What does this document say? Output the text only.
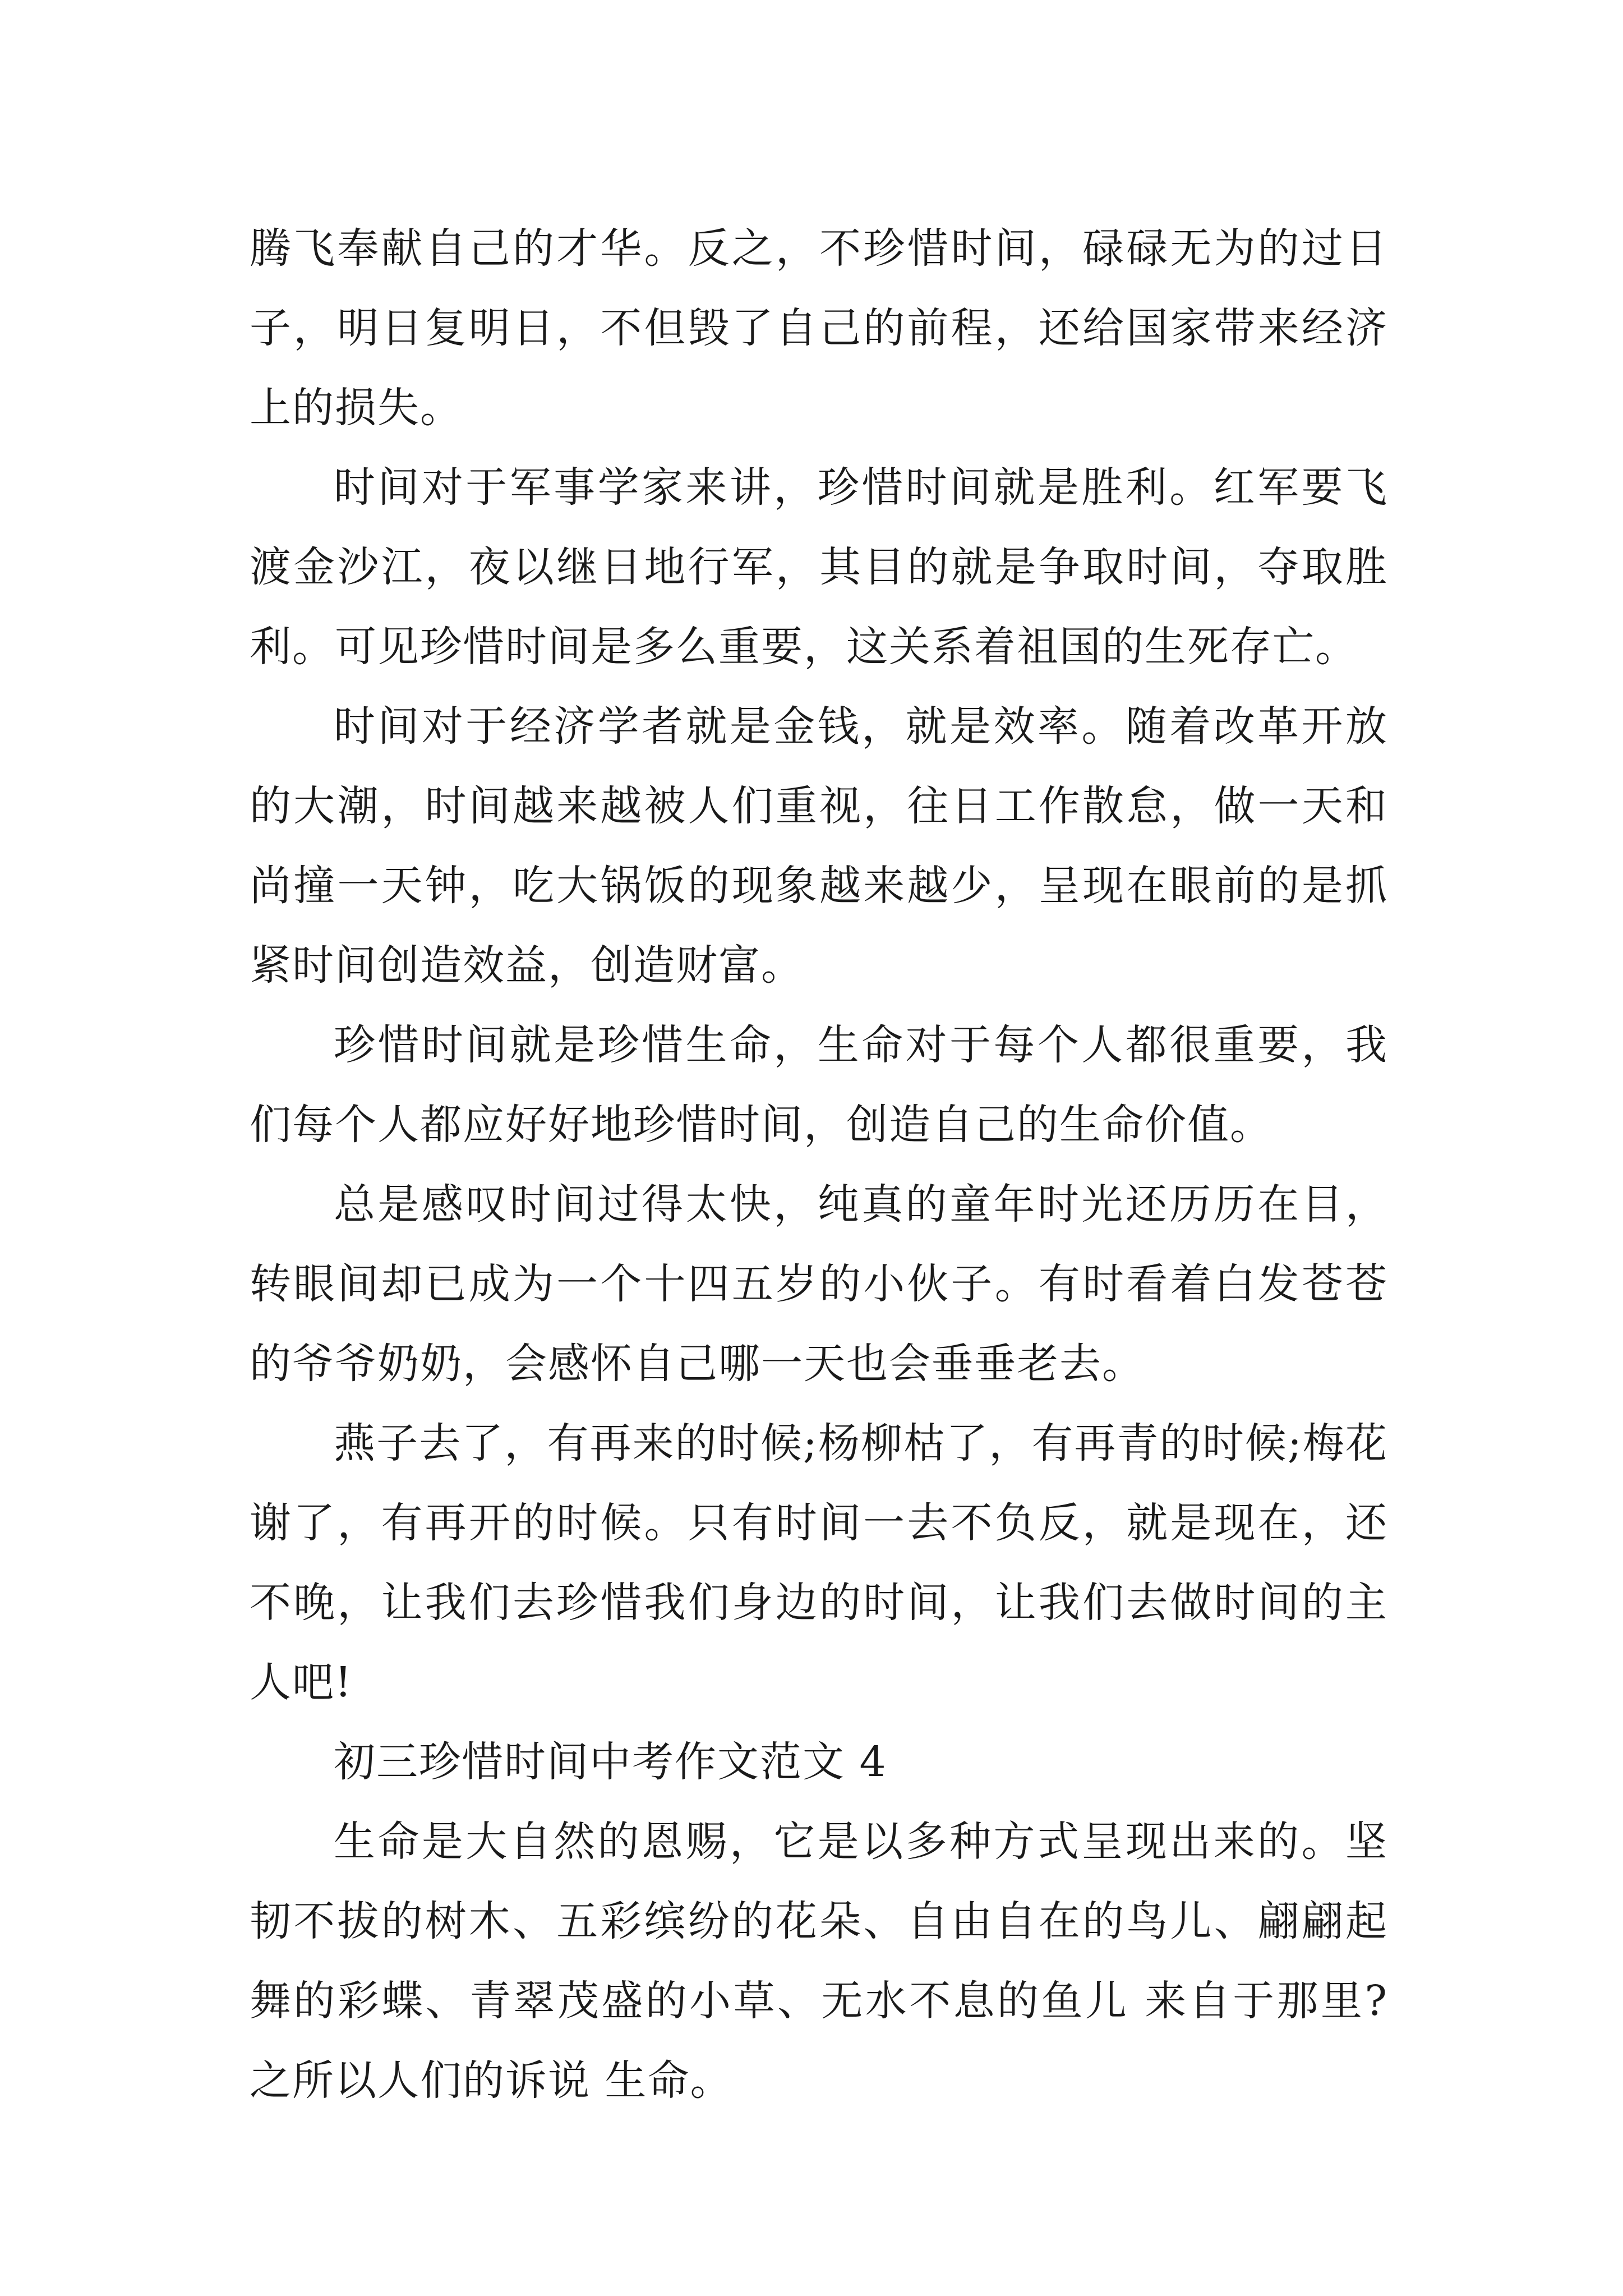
腾飞奉献自己的才华。反之，不珍惜时间，碌碌无为的过日子，明日复明日，不但毁了自己的前程，还给国家带来经济上的损失。

时间对于军事学家来讲，珍惜时间就是胜利。红军要飞渡金沙江，夜以继日地行军，其目的就是争取时间，夺取胜利。可见珍惜时间是多么重要，这关系着祖国的生死存亡。

时间对于经济学者就是金钱，就是效率。随着改革开放的大潮，时间越来越被人们重视，往日工作散怠，做一天和尚撞一天钟，吃大锅饭的现象越来越少，呈现在眼前的是抓紧时间创造效益，创造财富。

珍惜时间就是珍惜生命，生命对于每个人都很重要，我们每个人都应好好地珍惜时间，创造自己的生命价值。

总是感叹时间过得太快，纯真的童年时光还历历在目，转眼间却已成为一个十四五岁的小伙子。有时看着白发苍苍的爷爷奶奶，会感怀自己哪一天也会垂垂老去。

燕子去了，有再来的时候;杨柳枯了，有再青的时候;梅花谢了，有再开的时候。只有时间一去不负反，就是现在，还不晚，让我们去珍惜我们身边的时间，让我们去做时间的主人吧!

初三珍惜时间中考作文范文 4

生命是大自然的恩赐，它是以多种方式呈现出来的。坚韧不拔的树木、五彩缤纷的花朵、自由自在的鸟儿、翩翩起舞的彩蝶、青翠茂盛的小草、无水不息的鱼儿 来自于那里?之所以人们的诉说 生命。
